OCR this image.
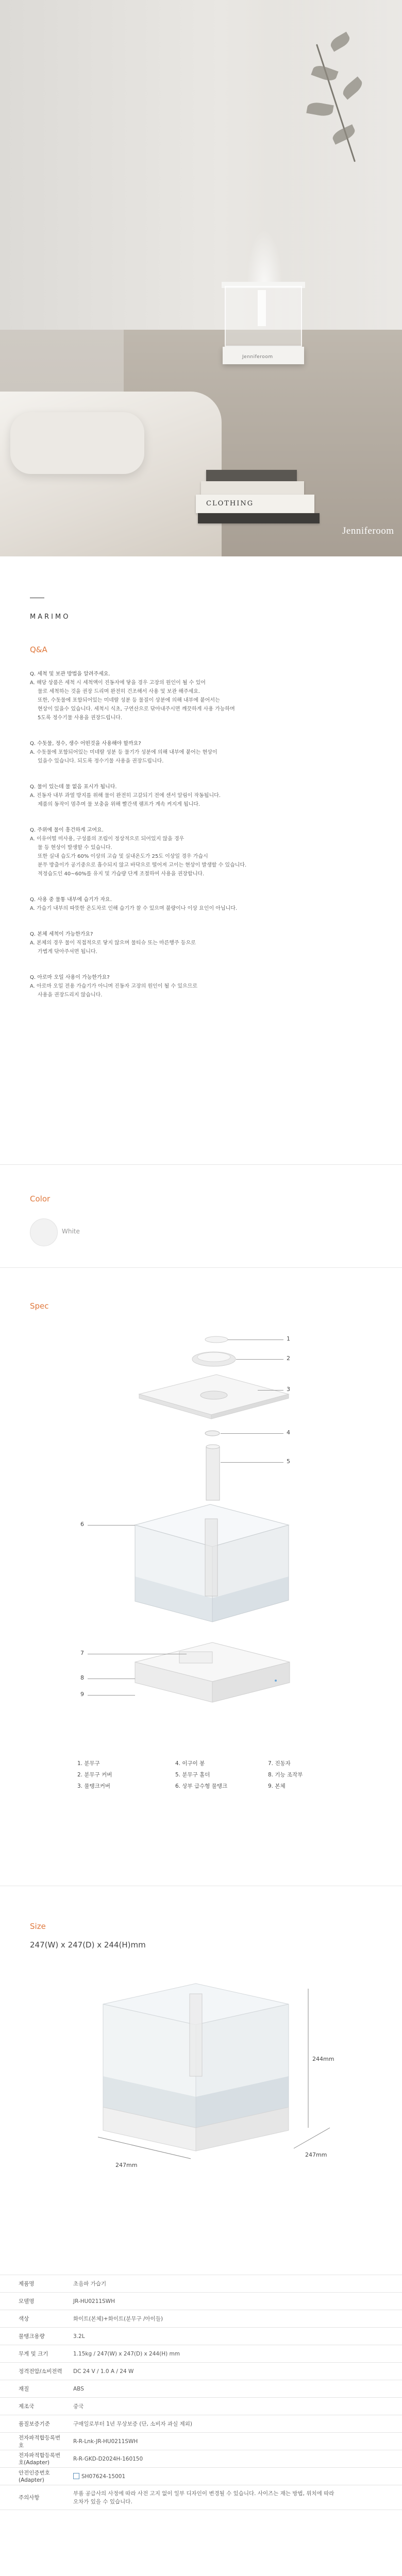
Jenniferoom
CLOTHING
Jenniferoom
MARIMO
Q&A
Q. 세척 및 보관 방법을 알려주세요.
A. 해당 상품은 세척 시 세척액이 진동자에 닿을 경우 고장의 원인이 될 수 있어
물로 세척하는 것을 권장 드리며 완전히 건조해서 사용 및 보관 해주세요.
또한, 수돗물에 포함되어있는 미네랄 성분 등 물질이 상분에 의해 내부에 붙어서는
현상이 있을수 있습니다. 세척시 식초, 구연산으로 닦아내주시면 깨끗하게 사용 가능하며
5도록 정수기물 사용을 권장드립니다.
Q. 수돗물, 정수, 생수 어떤것을 사용해야 할까요?
A. 수돗물에 포함되어있는 미네랄 성분 등 물기가 성분에 의해 내부에 붙어는 현상이
있을수 있습니다. 되도록 정수기물 사용을 권장드립니다.
Q. 물이 있는데 물 없음 표시가 됩니다.
A. 진동자 내부 과열 방지를 위해 물이 완전히 고갈되기 전에 센서 알림이 작동됩니다.
제품의 동작이 멈추며 물 보충을 위해 빨간색 램프가 계속 켜지게 됩니다.
Q. 주위에 물이 흥건하게 고여요.
A. 이유어떨 미사용, 구성품의 조립이 정상적으로 되어있지 않을 경우
물 등 현상이 발생할 수 있습니다.
또한 실내 습도가 60% 이상의 고습 및 실내온도가 25도 이상일 경우 가습시
분무 방출이가 공기중으로 흡수되지 않고 바닥으로 떨어져 고이는 현상이 발생할 수 있습니다.
적정습도인 40~60%를 유지 및 가습량 단계 조절하여 사용을 권장합니다.
Q. 사용 중 물통 내부에 습기가 자요.
A. 가습기 내부의 따뜻한 온도차로 인해 습기가 찰 수 있으며 불량이나 이상 요인이 아닙니다.
Q. 본체 세척이 가능한가요?
A. 본체의 경우 물이 직접적으로 닿지 않으며 물티슈 또는 마른행주 등으로
가볍게 닦아주셔면 됩니다.
Q. 아로마 오일 사용이 가능한가요?
A. 아로마 오일 전용 가습기가 아니며 진동자 고장의 원인이 될 수 있으므로
사용을 권장드리지 않습니다.
Color
White
Spec
1
2
3
4
5
6
7
8
9
1. 분무구
2. 분무구 커버
3. 물탱크커버
4. 이구이 봉
5. 분무구 홀더
6. 상부 급수형 물탱크
7. 진동자
8. 기능 조작부
9. 본체
Size
247(W) x 247(D) x 244(H)mm
244mm
247mm
247mm
제품명	초음파 가습기
모델명	JR-HU0211SWH
색상	화이트(본체)+화이트(분무구 /아이들)
물탱크용량	3.2L
무게 및 크기	1.15kg / 247(W) x 247(D) x 244(H) mm
정격전압/소비전력	DC 24 V / 1.0 A / 24 W
재질	ABS
제조국	중국
품질보증기준	구매일로부터 1년 무상보증 (단, 소비자 과실 제외)
전자파적합등록번호	R-R-Lnk-JR-HU0211SWH
전자파적합등록번호(Adapter)	R-R-GKD-D2024H-160150
안전인증번호(Adapter)	SH07624-15001
주의사항	부품 공급사의 사정에 따라 사전 고지 없이 일부 디자인이 변경될 수 있습니다. 사이즈는 재는 방법, 위치에 따라 오차가 있을 수 있습니다.
